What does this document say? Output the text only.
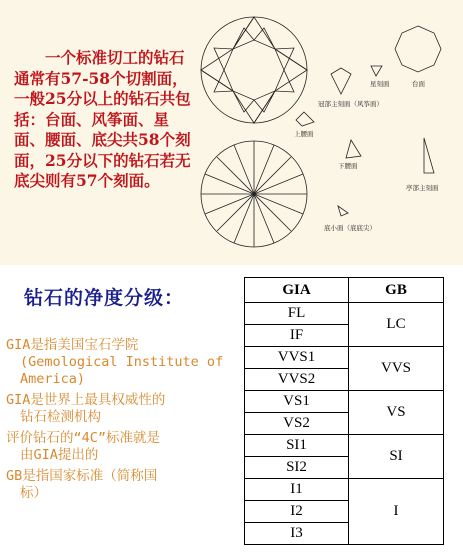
一个标准切工的钻石通常有57-58个切割面，一般25分以上的钻石共包括：台面、风筝面、星面、腰面、底尖共58个刻面，25分以下的钻石若无底尖则有57个刻面。

星刻面	台面
冠部主刻面（风筝面）
上腰面
下腰面
亭部主刻面
底小面（底底尖）
钻石的净度分级：

GIA是指美国宝石学院
(Gemological Institute of America)

GIA是世界上最具权威性的
钻石检测机构

评价钻石的“4C”标准就是
由GIA提出的

GB是指国家标准（简称国
标）

GIA	GB
FL	LC
IF	
VVS1	VVS
VVS2	
VS1	VS
VS2	
SI1	SI
SI2	
I1	I
I2	
I3	
